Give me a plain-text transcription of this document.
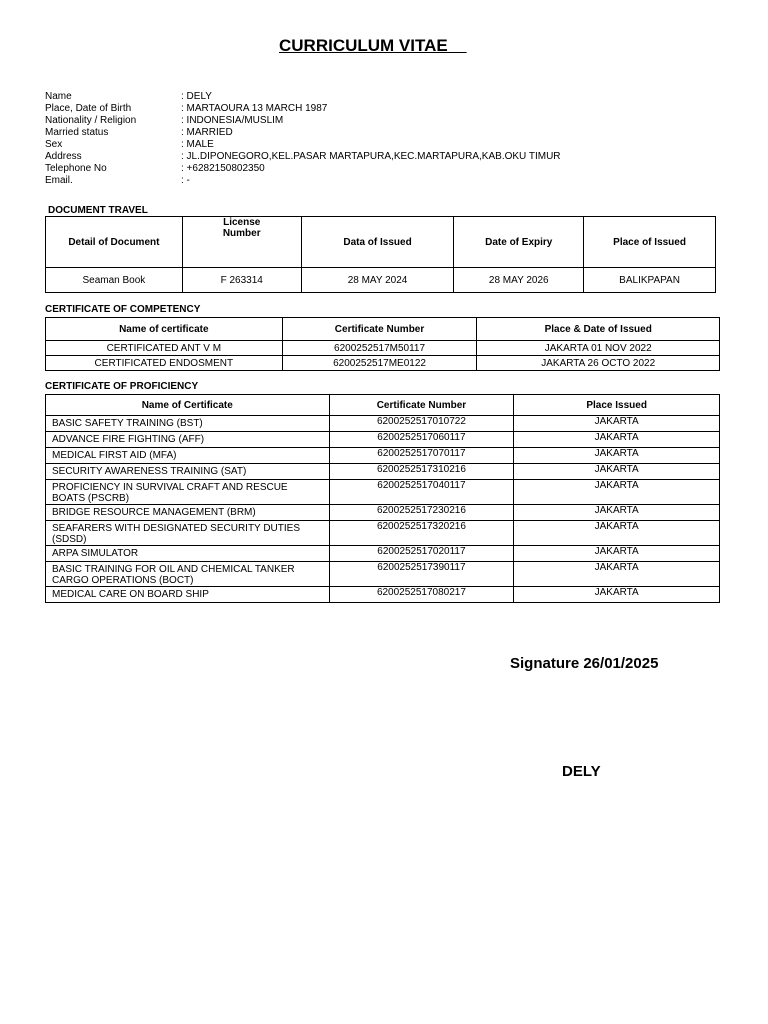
CURRICULUM VITAE
Name	: DELY
Place, Date of Birth	: MARTAOURA 13 MARCH 1987
Nationality / Religion	: INDONESIA/MUSLIM
Married status	: MARRIED
Sex	: MALE
Address	: JL.DIPONEGORO,KEL.PASAR MARTAPURA,KEC.MARTAPURA,KAB.OKU TIMUR
Telephone No	: +6282150802350
Email.	: -
DOCUMENT TRAVEL
Detail of Document	License Number	Data of Issued	Date of Expiry	Place of Issued
Seaman Book	F 263314	28 MAY 2024	28 MAY 2026	BALIKPAPAN
CERTIFICATE OF COMPETENCY
Name of certificate	Certificate Number	Place & Date of Issued
CERTIFICATED ANT V M	6200252517M50117	JAKARTA 01 NOV 2022
CERTIFICATED ENDOSMENT	6200252517ME0122	JAKARTA 26 OCTO 2022
CERTIFICATE OF PROFICIENCY
Name of Certificate	Certificate Number	Place Issued
BASIC SAFETY TRAINING (BST)	6200252517010722	JAKARTA
ADVANCE FIRE FIGHTING (AFF)	6200252517060117	JAKARTA
MEDICAL FIRST AID (MFA)	6200252517070117	JAKARTA
SECURITY AWARENESS TRAINING (SAT)	6200252517310216	JAKARTA
PROFICIENCY IN SURVIVAL CRAFT AND RESCUE BOATS (PSCRB)	6200252517040117	JAKARTA
BRIDGE RESOURCE MANAGEMENT (BRM)	6200252517230216	JAKARTA
SEAFARERS WITH DESIGNATED SECURITY DUTIES (SDSD)	6200252517320216	JAKARTA
ARPA SIMULATOR	6200252517020117	JAKARTA
BASIC TRAINING FOR OIL AND CHEMICAL TANKER CARGO OPERATIONS (BOCT)	6200252517390117	JAKARTA
MEDICAL CARE ON BOARD SHIP	6200252517080217	JAKARTA
Signature 26/01/2025
DELY
